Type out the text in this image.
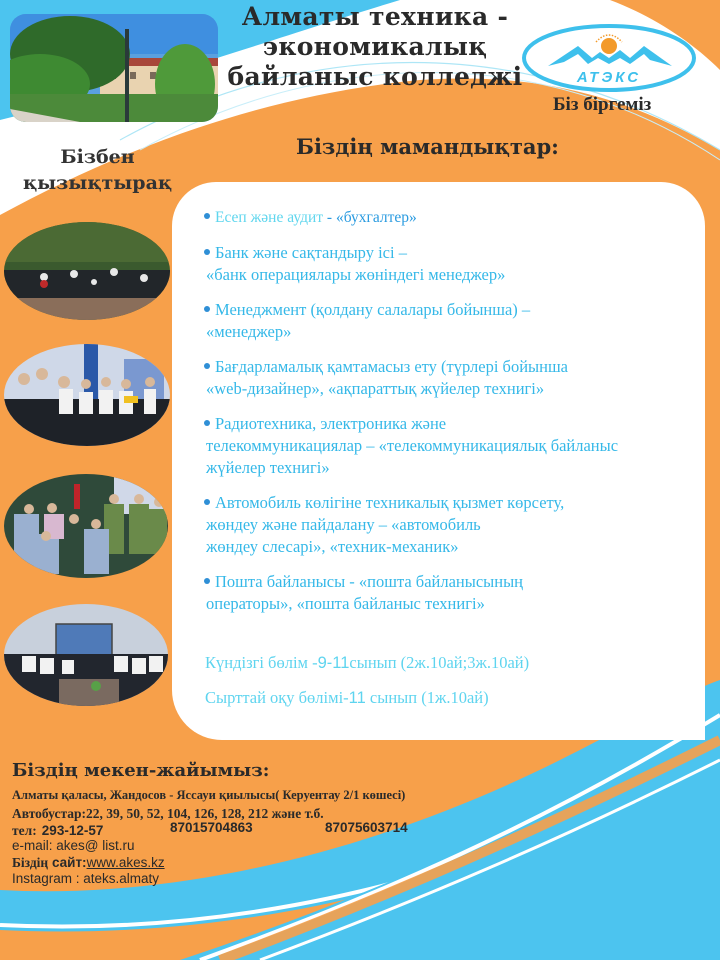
Алматы техника -
экономикалық
байланыс колледжі	АТЭКС
Біз біргеміз
Бізбен
қызықтырақ
Біздің мамандықтар:
Есеп және аудит - «бухгалтер»
Банк және сақтандыру ісі –
«банк операциялары жөніндегі менеджер»
Менеджмент (қолдану салалары бойынша) –
«менеджер»
Бағдарламалық қамтамасыз ету (түрлері бойынша
«web-дизайнер», «ақпараттық жүйелер технигі»
Радиотехника, электроника және
телекоммуникациялар – «телекоммуникациялық байланыс
жүйелер технигі»
Автомобиль көлігіне техникалық қызмет көрсету,
жөндеу және пайдалану – «автомобиль
жөндеу слесарі», «техник-механик»
Пошта байланысы - «пошта байланысының
операторы», «пошта байланыс технигі»
Күндізгі бөлім -9-11сынып (2ж.10ай;3ж.10ай)
Сырттай оқу бөлімі-11 сынып (1ж.10ай)
Біздің мекен-жайымыз:
Алматы қаласы, Жандосов - Яссауи қиылысы( Керуентау 2/1 көшесі)
Автобустар:22, 39, 50, 52, 104, 126, 128, 212 және т.б.
тел: 293-12-57	87015704863	87075603714
e-mail: akes@ list.ru
Біздің сайт:www.akes.kz
Instagram : ateks.almaty
